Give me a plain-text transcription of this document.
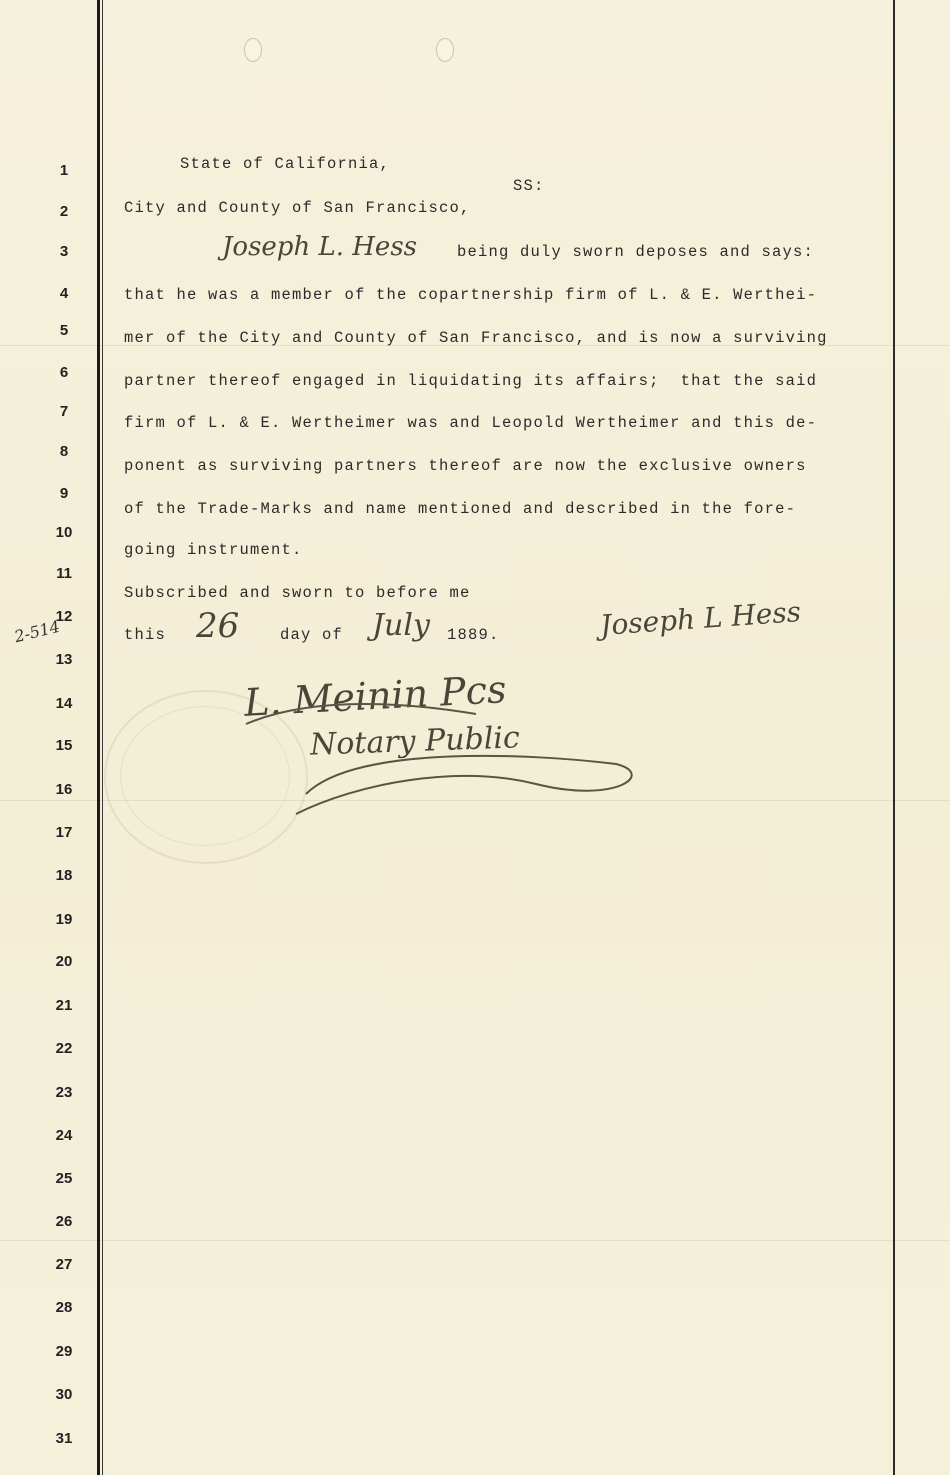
1
2
3
4
5
6
7
8
9
10
11
12
13
14
15
16
17
18
19
20
21
22
23
24
25
26
27
28
29
30
31
State of California,
SS:
City and County of San Francisco,
Joseph L. Hess	being duly sworn deposes and says:
that he was a member of the copartnership firm of L. & E. Werthei-
mer of the City and County of San Francisco, and is now a surviving
partner thereof engaged in liquidating its affairs;  that the said
firm of L. & E. Wertheimer was and Leopold Wertheimer and this de-
ponent as surviving partners thereof are now the exclusive owners
of the Trade-Marks and name mentioned and described in the fore-
going instrument.
Subscribed and sworn to before me
this 26	day of July 1889.	Joseph L Hess
L. Meinin Pcs
Notary Public
2-514
